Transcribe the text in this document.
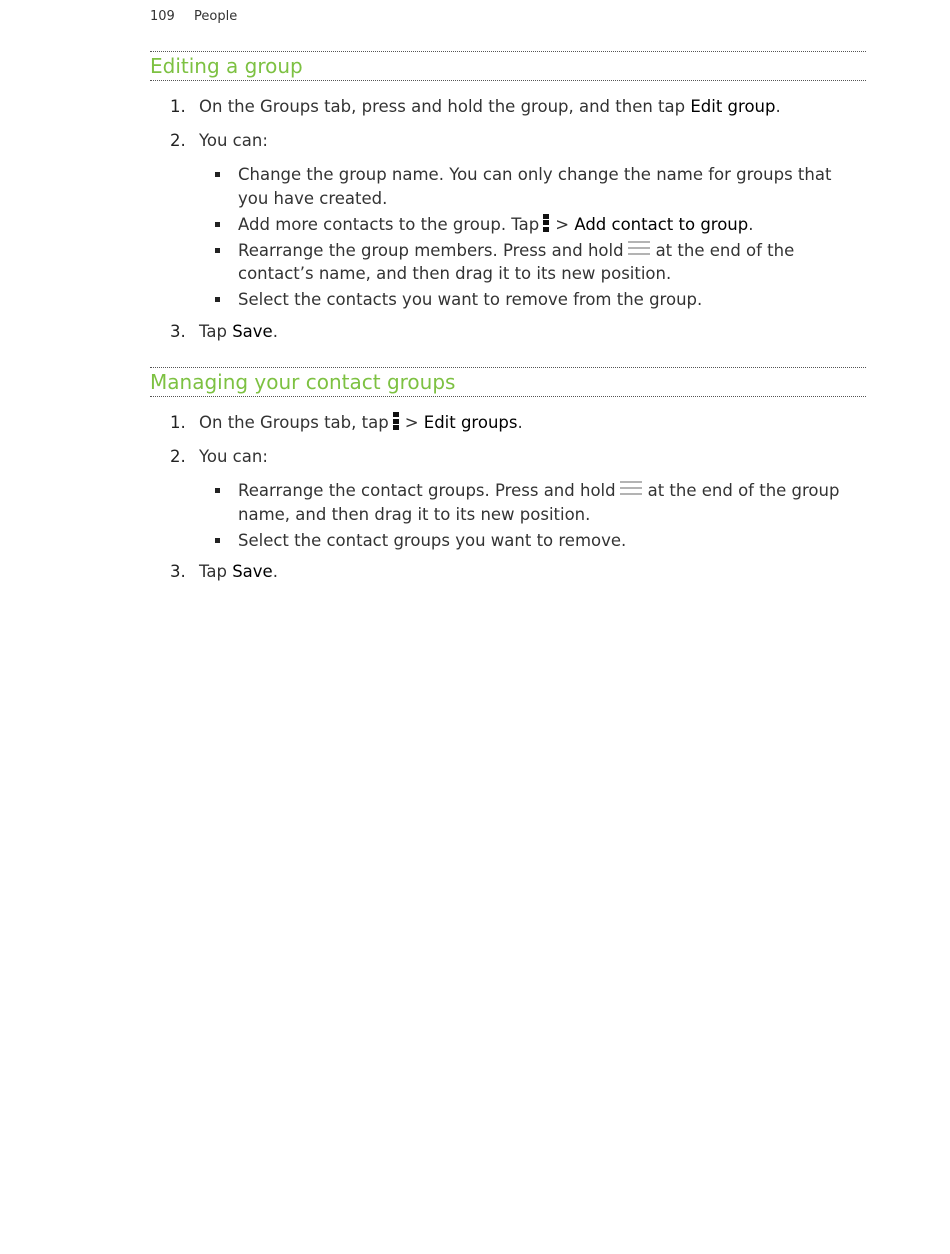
109 People
Editing a group
1. On the Groups tab, press and hold the group, and then tap Edit group.
2. You can:
Change the group name. You can only change the name for groups that you have created.
Add more contacts to the group. Tap > Add contact to group.
Rearrange the group members. Press and hold at the end of the contact’s name, and then drag it to its new position.
Select the contacts you want to remove from the group.
3. Tap Save.
Managing your contact groups
1. On the Groups tab, tap > Edit groups.
2. You can:
Rearrange the contact groups. Press and hold at the end of the group name, and then drag it to its new position.
Select the contact groups you want to remove.
3. Tap Save.
